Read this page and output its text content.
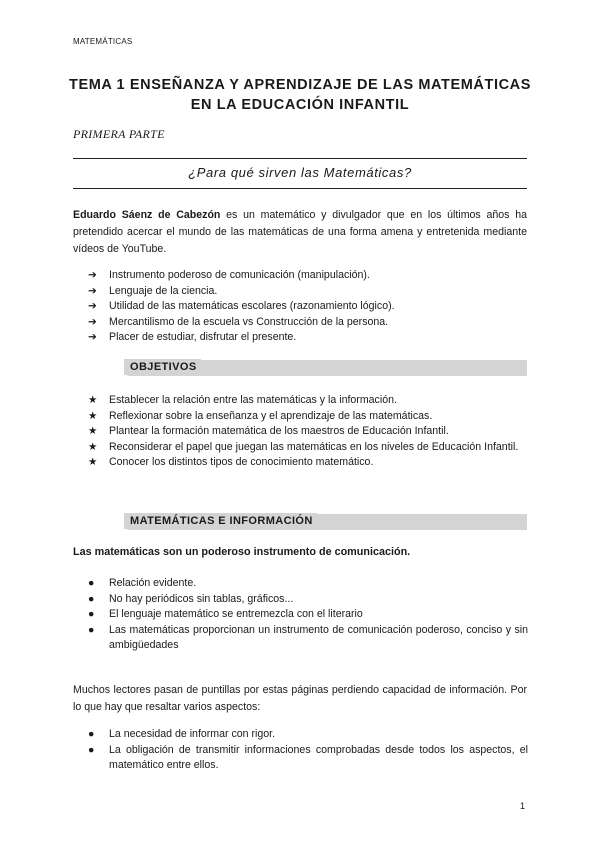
MATEMÁTICAS
TEMA 1 ENSEÑANZA Y APRENDIZAJE DE LAS MATEMÁTICAS
EN LA EDUCACIÓN INFANTIL
PRIMERA PARTE
¿Para qué sirven las Matemáticas?
Eduardo Sáenz de Cabezón es un matemático y divulgador que en los últimos años ha pretendido acercar el mundo de las matemáticas de una forma amena y entretenida mediante vídeos de YouTube.
➔ Instrumento poderoso de comunicación (manipulación).
➔ Lenguaje de la ciencia.
➔ Utilidad de las matemáticas escolares (razonamiento lógico).
➔ Mercantilismo de la escuela vs Construcción de la persona.
➔ Placer de estudiar, disfrutar el presente.
OBJETIVOS
★ Establecer la relación entre las matemáticas y la información.
★ Reflexionar sobre la enseñanza y el aprendizaje de las matemáticas.
★ Plantear la formación matemática de los maestros de Educación Infantil.
★ Reconsiderar el papel que juegan las matemáticas en los niveles de Educación Infantil.
★ Conocer los distintos tipos de conocimiento matemático.
MATEMÁTICAS E INFORMACIÓN
Las matemáticas son un poderoso instrumento de comunicación.
● Relación evidente.
● No hay periódicos sin tablas, gráficos...
● El lenguaje matemático se entremezcla con el literario
● Las matemáticas proporcionan un instrumento de comunicación poderoso, conciso y sin ambigüedades
Muchos lectores pasan de puntillas por estas páginas perdiendo capacidad de información. Por lo que hay que resaltar varios aspectos:
● La necesidad de informar con rigor.
● La obligación de transmitir informaciones comprobadas desde todos los aspectos, el matemático entre ellos.
1
